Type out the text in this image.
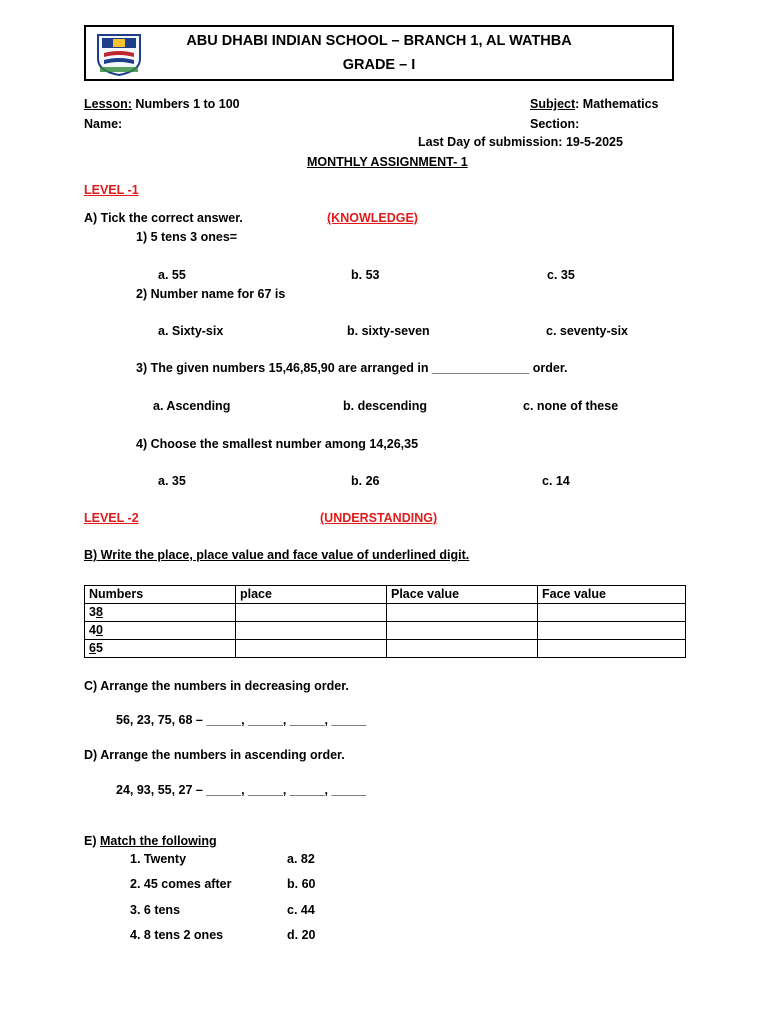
ABU DHABI INDIAN SCHOOL – BRANCH 1, AL WATHBA
GRADE – I
Lesson: Numbers 1 to 100	Subject: Mathematics
Name:	Section:
Last Day of submission: 19-5-2025
MONTHLY ASSIGNMENT- 1
LEVEL -1
A) Tick the correct answer.	(KNOWLEDGE)
1) 5 tens 3 ones=
a. 55	b. 53	c. 35
2) Number name for 67 is
a. Sixty-six	b. sixty-seven	c. seventy-six
3) The given numbers 15,46,85,90 are arranged in ______________ order.
a. Ascending	b. descending	c. none of these
4) Choose the smallest number among 14,26,35
a. 35	b. 26	c. 14
LEVEL -2	(UNDERSTANDING)
B) Write the place, place value and face value of underlined digit.
Numbers	place	Place value	Face value
38			
40			
65			
C) Arrange the numbers in decreasing order.
56, 23, 75, 68 – _____, _____, _____, _____
D) Arrange the numbers in ascending order.
24, 93, 55, 27 – _____, _____, _____, _____
E) Match the following
1. Twenty	a. 82
2. 45 comes after	b. 60
3. 6 tens	c. 44
4. 8 tens 2 ones	d. 20
